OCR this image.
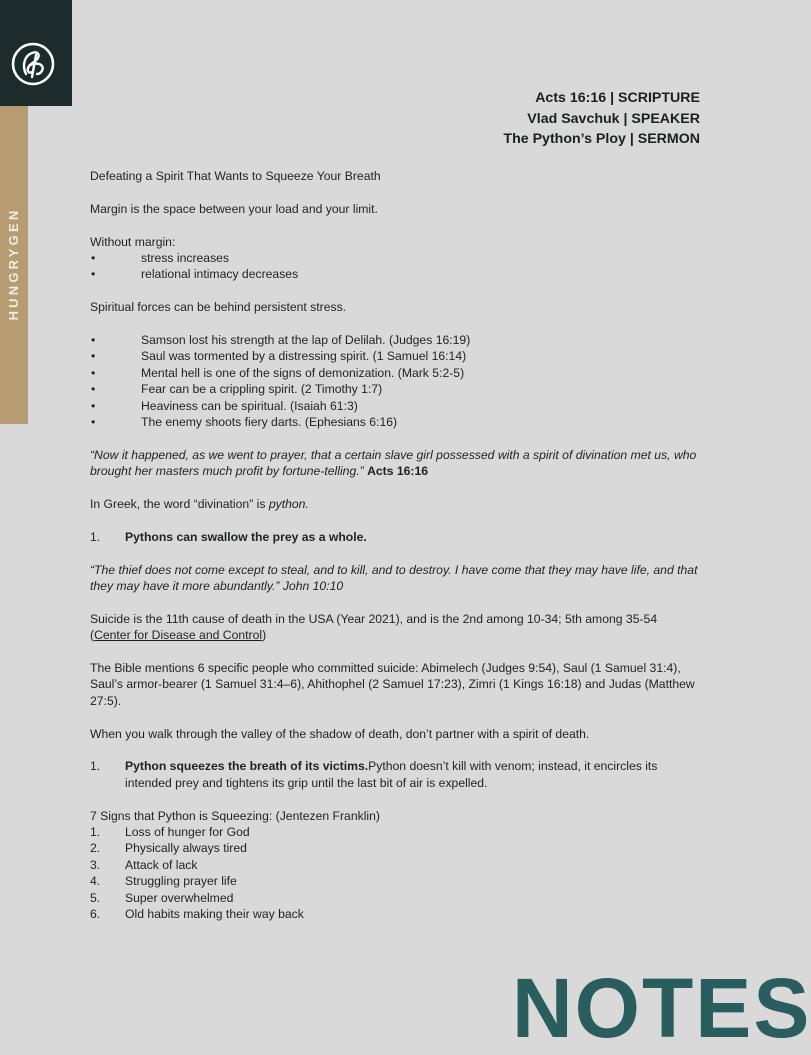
HUNGRYGEN
Acts 16:16 | SCRIPTURE
Vlad Savchuk | SPEAKER
The Python’s Ploy | SERMON

Defeating a Spirit That Wants to Squeeze Your Breath

Margin is the space between your load and your limit.

Without margin:

• stress increases
• relational intimacy decreases

Spiritual forces can be behind persistent stress.

• Samson lost his strength at the lap of Delilah. (Judges 16:19)
• Saul was tormented by a distressing spirit. (1 Samuel 16:14)
• Mental hell is one of the signs of demonization. (Mark 5:2-5)
• Fear can be a crippling spirit. (2 Timothy 1:7)
• Heaviness can be spiritual. (Isaiah 61:3)
• The enemy shoots fiery darts. (Ephesians 6:16)

“Now it happened, as we went to prayer, that a certain slave girl possessed with a spirit of divination met us, who brought her masters much profit by fortune-telling.” Acts 16:16

In Greek, the word “divination” is python.

1. Pythons can swallow the prey as a whole.

“The thief does not come except to steal, and to kill, and to destroy. I have come that they may have life, and that they may have it more abundantly.” John 10:10

Suicide is the 11th cause of death in the USA (Year 2021), and is the 2nd among 10-34; 5th among 35-54
(Center for Disease and Control)

The Bible mentions 6 specific people who committed suicide: Abimelech (Judges 9:54), Saul (1 Samuel 31:4), Saul’s armor-bearer (1 Samuel 31:4–6), Ahithophel (2 Samuel 17:23), Zimri (1 Kings 16:18) and Judas (Matthew 27:5).

When you walk through the valley of the shadow of death, don’t partner with a spirit of death.

1. Python squeezes the breath of its victims.Python doesn’t kill with venom; instead, it encircles its intended prey and tightens its grip until the last bit of air is expelled.

7 Signs that Python is Squeezing: (Jentezen Franklin)

1. Loss of hunger for God
2. Physically always tired
3. Attack of lack
4. Struggling prayer life
5. Super overwhelmed
6. Old habits making their way back
NOTES
